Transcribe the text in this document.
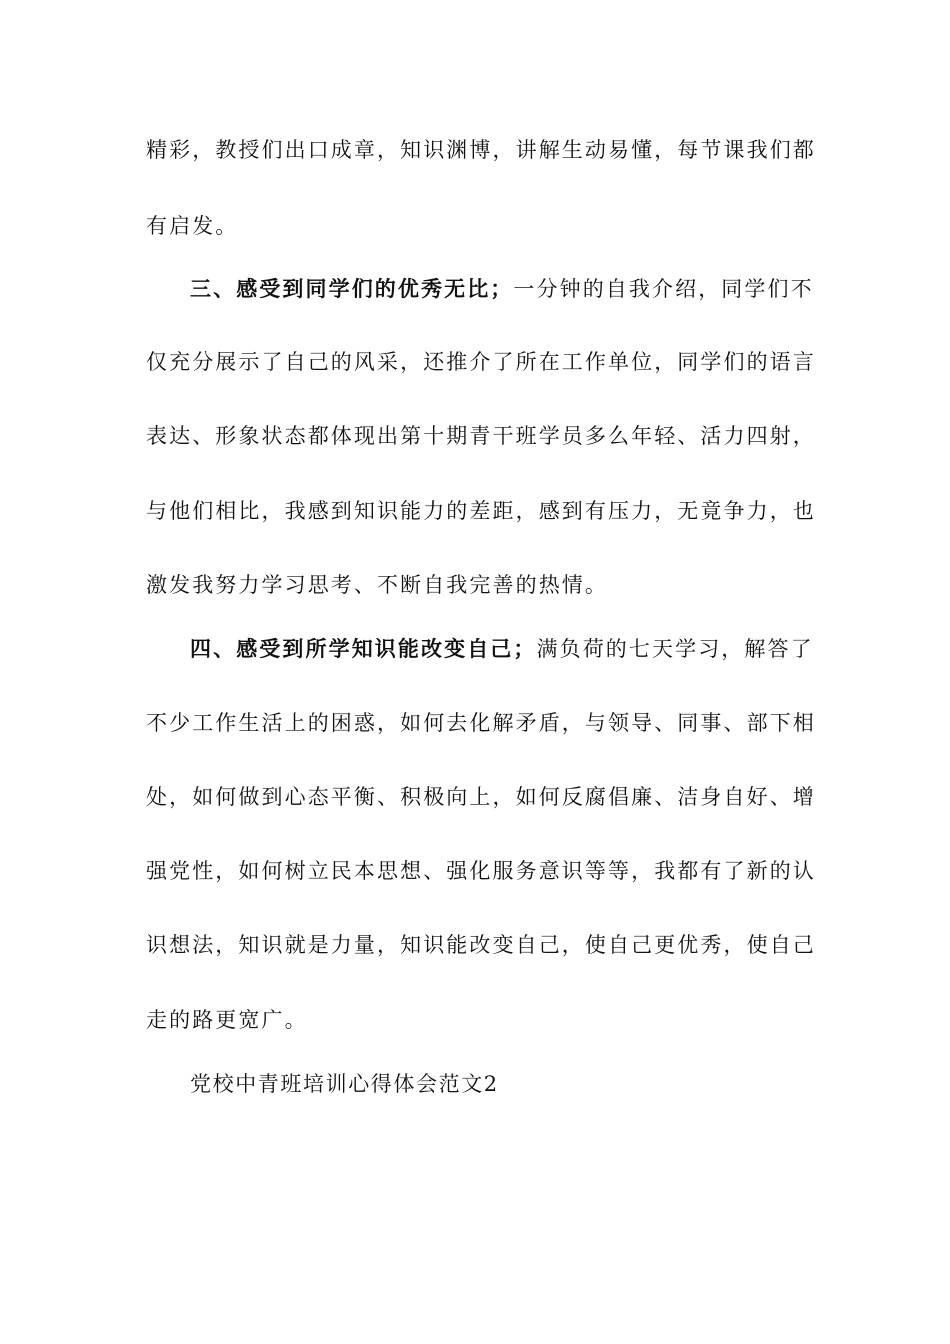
精彩，教授们出口成章，知识渊博，讲解生动易懂，每节课我们都
有启发。
三、感受到同学们的优秀无比；一分钟的自我介绍，同学们不
仅充分展示了自己的风采，还推介了所在工作单位，同学们的语言
表达、形象状态都体现出第十期青干班学员多么年轻、活力四射，
与他们相比，我感到知识能力的差距，感到有压力，无竟争力，也
激发我努力学习思考、不断自我完善的热情。
四、感受到所学知识能改变自己；满负荷的七天学习，解答了
不少工作生活上的困惑，如何去化解矛盾，与领导、同事、部下相
处，如何做到心态平衡、积极向上，如何反腐倡廉、洁身自好、增
强党性，如何树立民本思想、强化服务意识等等，我都有了新的认
识想法，知识就是力量，知识能改变自己，使自己更优秀，使自己
走的路更宽广。
党校中青班培训心得体会范文2
